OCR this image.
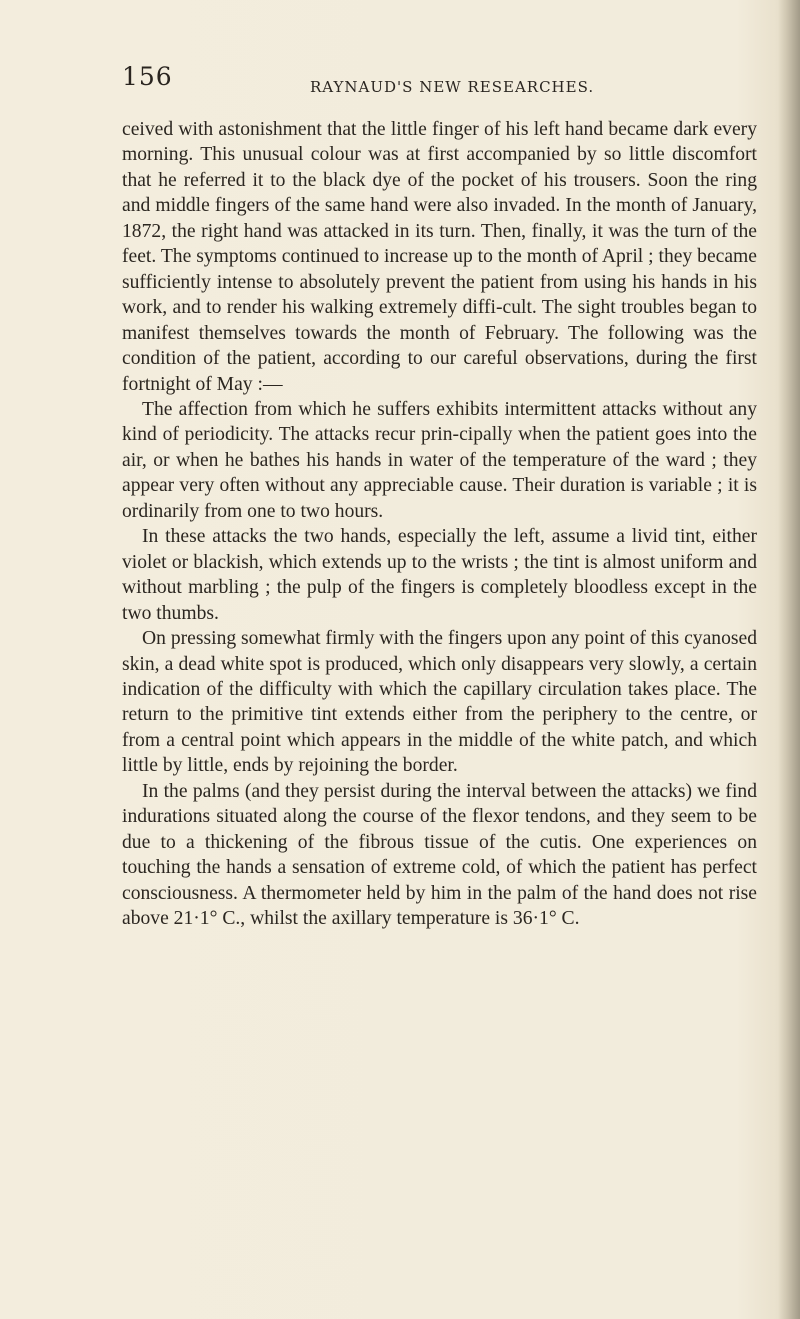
156	RAYNAUD'S NEW RESEARCHES.

ceived with astonishment that the little finger of his left hand became dark every morning. This unusual colour was at first accompanied by so little discomfort that he referred it to the black dye of the pocket of his trousers. Soon the ring and middle fingers of the same hand were also invaded. In the month of January, 1872, the right hand was attacked in its turn. Then, finally, it was the turn of the feet. The symptoms continued to increase up to the month of April ; they became sufficiently intense to absolutely prevent the patient from using his hands in his work, and to render his walking extremely diffi-cult. The sight troubles began to manifest themselves towards the month of February. The following was the condition of the patient, according to our careful observations, during the first fortnight of May :—

The affection from which he suffers exhibits intermittent attacks without any kind of periodicity. The attacks recur prin-cipally when the patient goes into the air, or when he bathes his hands in water of the temperature of the ward ; they appear very often without any appreciable cause. Their duration is variable ; it is ordinarily from one to two hours.

In these attacks the two hands, especially the left, assume a livid tint, either violet or blackish, which extends up to the wrists ; the tint is almost uniform and without marbling ; the pulp of the fingers is completely bloodless except in the two thumbs.

On pressing somewhat firmly with the fingers upon any point of this cyanosed skin, a dead white spot is produced, which only disappears very slowly, a certain indication of the difficulty with which the capillary circulation takes place. The return to the primitive tint extends either from the periphery to the centre, or from a central point which appears in the middle of the white patch, and which little by little, ends by rejoining the border.

In the palms (and they persist during the interval between the attacks) we find indurations situated along the course of the flexor tendons, and they seem to be due to a thickening of the fibrous tissue of the cutis. One experiences on touching the hands a sensation of extreme cold, of which the patient has perfect consciousness. A thermometer held by him in the palm of the hand does not rise above 21·1° C., whilst the axillary temperature is 36·1° C.
